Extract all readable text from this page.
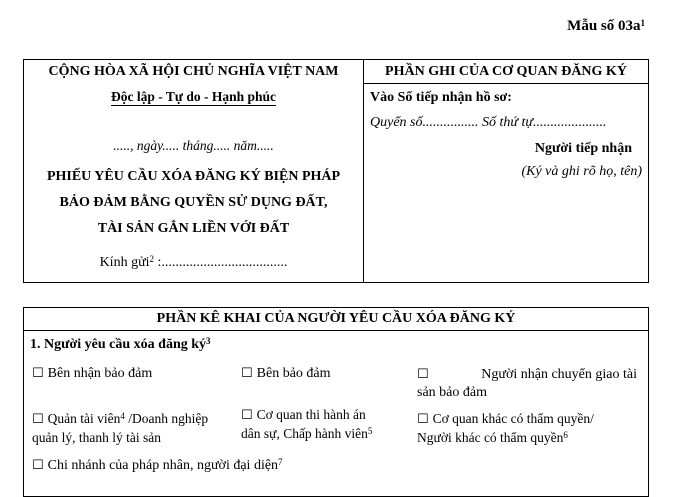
Mẫu số $03a^1$
CỘNG HÒA XÃ HỘI CHỦ NGHĨA VIỆT NAM
Độc lập - Tự do - Hạnh phúc
....., ngày..... tháng..... năm.....
PHIẾU YÊU CẦU XÓA ĐĂNG KÝ BIỆN PHÁP
BẢO ĐẢM BẰNG QUYỀN SỬ DỤNG ĐẤT,
TÀI SẢN GẮN LIỀN VỚI ĐẤT
Kính gửi$^2$ :....................................
PHẦN GHI CỦA CƠ QUAN ĐĂNG KÝ
Vào Sổ tiếp nhận hồ sơ:
Quyển số................ Số thứ tự.....................
Người tiếp nhận
(Ký và ghi rõ họ, tên)
PHẦN KÊ KHAI CỦA NGƯỜI YÊU CẦU XÓA ĐĂNG KÝ
1. Người yêu cầu xóa đăng $ký^3$
☐ Bên nhận bảo đảm	☐ Bên bảo đảm	☐	Người nhận chuyển giao tài
sản bảo đảm
☐ Quản tài viên$^4$ /Doanh nghiệp
quản lý, thanh lý tài sản
☐ Cơ quan thi hành án
dân sự, Chấp hành viên$^5$
☐ Cơ quan khác có thẩm quyền/
Người khác có thẩm quyền$^6$
☐ Chi nhánh của pháp nhân, người đại diện$^7$
